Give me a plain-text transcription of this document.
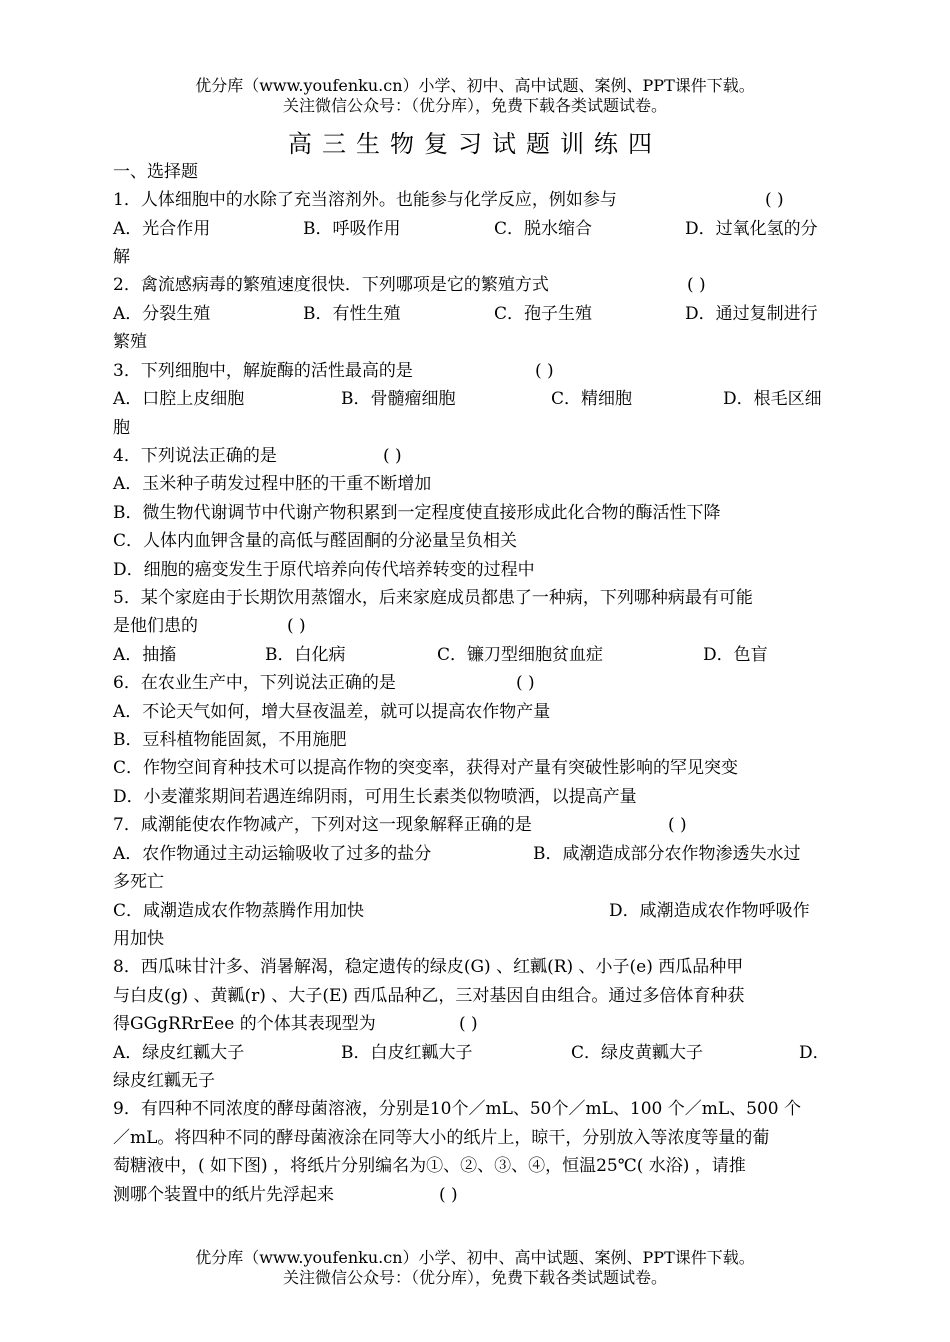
优分库（www.youfenku.cn）小学、初中、高中试题、案例、PPT课件下载。
关注微信公众号：（优分库），免费下载各类试题试卷。
高三生物复习试题训练四
一、选择题
1．人体细胞中的水除了充当溶剂外。也能参与化学反应，例如参与	( )
A．光合作用	B．呼吸作用	C．脱水缩合	D．过氧化氢的分
解
2．禽流感病毒的繁殖速度很快．下列哪项是它的繁殖方式	( )
A．分裂生殖	B．有性生殖	C．孢子生殖	D．通过复制进行
繁殖
3．下列细胞中，解旋酶的活性最高的是	( )
A．口腔上皮细胞	B．骨髓瘤细胞	C．精细胞	D．根毛区细
胞
4．下列说法正确的是	( )
A．玉米种子萌发过程中胚的干重不断增加
B．微生物代谢调节中代谢产物积累到一定程度使直接形成此化合物的酶活性下降
C．人体内血钾含量的高低与醛固酮的分泌量呈负相关
D．细胞的癌变发生于原代培养向传代培养转变的过程中
5．某个家庭由于长期饮用蒸馏水，后来家庭成员都患了一种病，下列哪种病最有可能
是他们患的	( )
A．抽搐	B．白化病	C．镰刀型细胞贫血症	D．色盲
6．在农业生产中，下列说法正确的是	( )
A．不论天气如何，增大昼夜温差，就可以提高农作物产量
B．豆科植物能固氮，不用施肥
C．作物空间育种技术可以提高作物的突变率，获得对产量有突破性影响的罕见突变
D．小麦灌浆期间若遇连绵阴雨，可用生长素类似物喷洒，以提高产量
7．咸潮能使农作物减产，下列对这一现象解释正确的是	( )
A．农作物通过主动运输吸收了过多的盐分	B．咸潮造成部分农作物渗透失水过
多死亡
C．咸潮造成农作物蒸腾作用加快	D．咸潮造成农作物呼吸作
用加快
8．西瓜味甘汁多、消暑解渴，稳定遗传的绿皮(G) 、红瓤(R) 、小子(e) 西瓜品种甲
与白皮(g) 、黄瓤(r) 、大子(E) 西瓜品种乙，三对基因自由组合。通过多倍体育种获
得GGgRRrEee 的个体其表现型为	( )
A．绿皮红瓤大子	B．白皮红瓤大子	C．绿皮黄瓤大子	D．
绿皮红瓤无子
9．有四种不同浓度的酵母菌溶液，分别是10个／mL、50个／mL、100 个／mL、500 个
／mL。将四种不同的酵母菌液涂在同等大小的纸片上，晾干，分别放入等浓度等量的葡
萄糖液中，( 如下图) ，将纸片分别编名为①、②、③、④，恒温25℃( 水浴) ，请推
测哪个装置中的纸片先浮起来	( )
优分库（www.youfenku.cn）小学、初中、高中试题、案例、PPT课件下载。
关注微信公众号：（优分库），免费下载各类试题试卷。
